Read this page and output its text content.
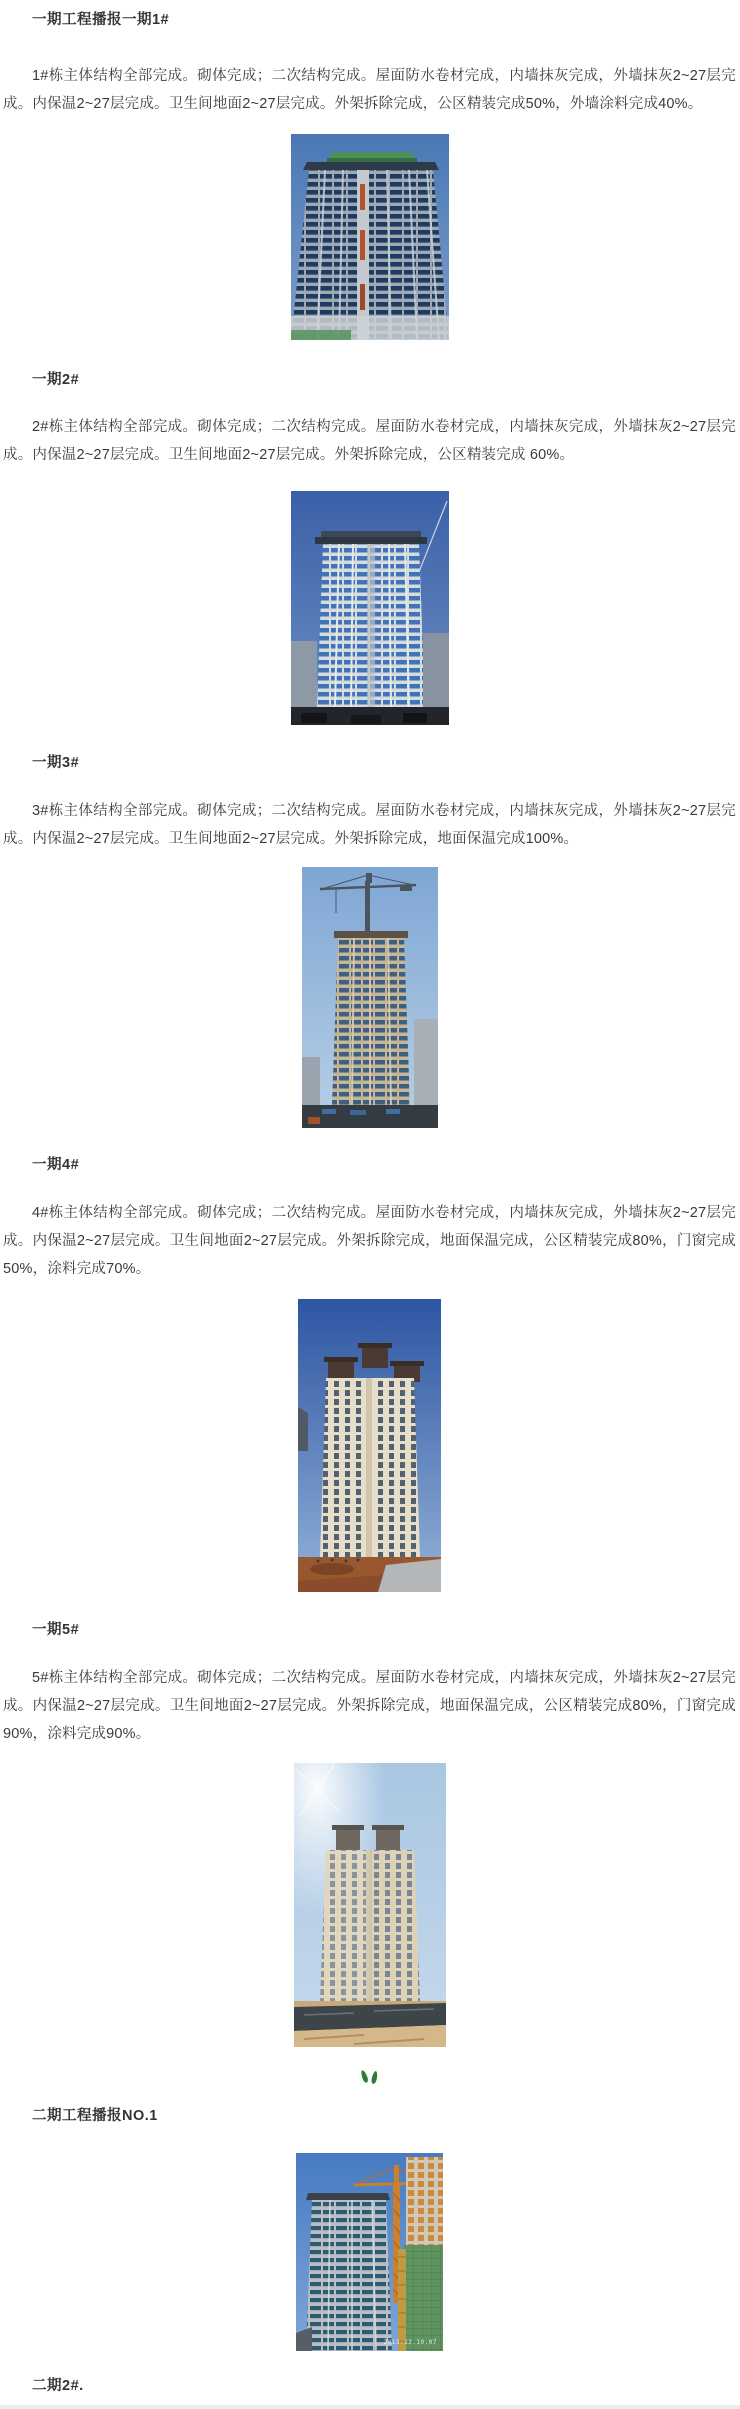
一期工程播报一期1#

1#栋主体结构全部完成。砌体完成；二次结构完成。屋面防水卷材完成，内墙抹灰完成，外墙抹灰2~27层完成。内保温2~27层完成。卫生间地面2~27层完成。外架拆除完成，公区精装完成50%，外墙涂料完成40%。

一期2#

2#栋主体结构全部完成。砌体完成；二次结构完成。屋面防水卷材完成，内墙抹灰完成，外墙抹灰2~27层完成。内保温2~27层完成。卫生间地面2~27层完成。外架拆除完成，公区精装完成 60%。

一期3#

3#栋主体结构全部完成。砌体完成；二次结构完成。屋面防水卷材完成，内墙抹灰完成，外墙抹灰2~27层完成。内保温2~27层完成。卫生间地面2~27层完成。外架拆除完成，地面保温完成100%。

一期4#

4#栋主体结构全部完成。砌体完成；二次结构完成。屋面防水卷材完成，内墙抹灰完成，外墙抹灰2~27层完成。内保温2~27层完成。卫生间地面2~27层完成。外架拆除完成，地面保温完成，公区精装完成80%，门窗完成50%，涂料完成70%。

一期5#

5#栋主体结构全部完成。砌体完成；二次结构完成。屋面防水卷材完成，内墙抹灰完成，外墙抹灰2~27层完成。内保温2~27层完成。卫生间地面2~27层完成。外架拆除完成，地面保温完成，公区精装完成80%，门窗完成90%，涂料完成90%。

二期工程播报NO.1
2013.12.19.07
二期2#.
